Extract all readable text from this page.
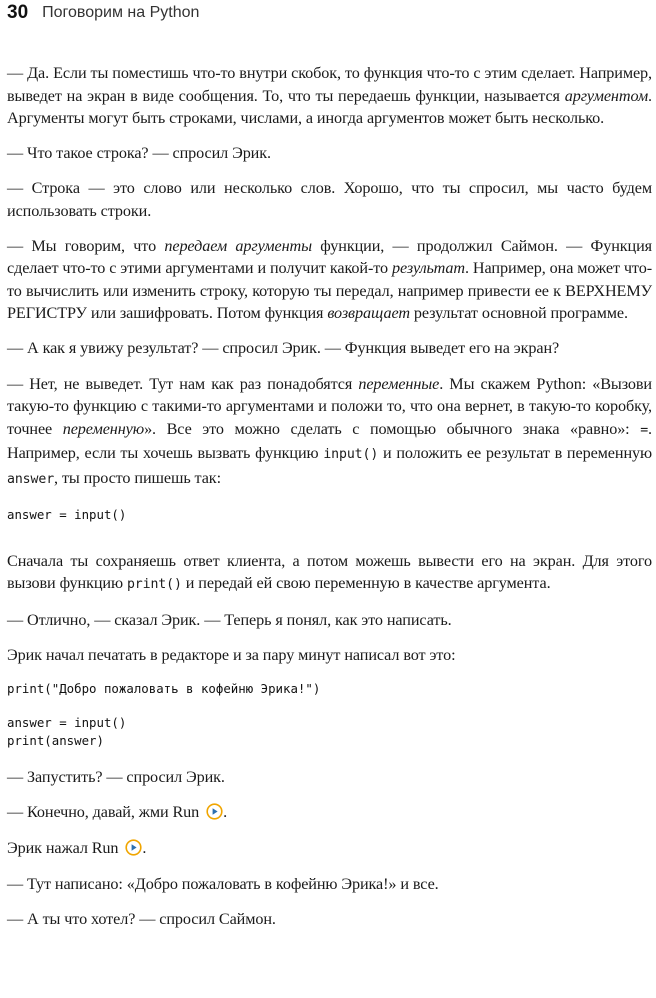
30 Поговорим на Python

— Да. Если ты поместишь что-то внутри скобок, то функция что-то с этим сделает. Например, выведет на экран в виде сообщения. То, что ты передаешь функции, называется аргументом. Аргументы могут быть строками, числами, а иногда аргументов может быть несколько.

— Что такое строка? — спросил Эрик.

— Строка — это слово или несколько слов. Хорошо, что ты спросил, мы часто будем использовать строки.

— Мы говорим, что передаем аргументы функции, — продолжил Саймон. — Функция сделает что-то с этими аргументами и получит какой-то результат. Например, она может что-то вычислить или изменить строку, которую ты передал, например привести ее к ВЕРХНЕМУ РЕГИСТРУ или зашифровать. Потом функция возвращает результат основной программе.

— А как я увижу результат? — спросил Эрик. — Функция выведет его на экран?

— Нет, не выведет. Тут нам как раз понадобятся переменные. Мы скажем Python: «Вызови такую-то функцию с такими-то аргументами и положи то, что она вернет, в такую-то коробку, точнее переменную». Все это можно сделать с помощью обычного знака «равно»: =. Например, если ты хочешь вызвать функцию input() и положить ее результат в переменную answer, ты просто пишешь так:

answer = input()

Сначала ты сохраняешь ответ клиента, а потом можешь вывести его на экран. Для этого вызови функцию print() и передай ей свою переменную в качестве аргумента.

— Отлично, — сказал Эрик. — Теперь я понял, как это написать.

Эрик начал печатать в редакторе и за пару минут написал вот это:

print("Добро пожаловать в кофейню Эрика!")
answer = input()
print(answer)

— Запустить? — спросил Эрик.

— Конечно, давай, жми Run .

Эрик нажал Run .

— Тут написано: «Добро пожаловать в кофейню Эрика!» и все.

— А ты что хотел? — спросил Саймон.
